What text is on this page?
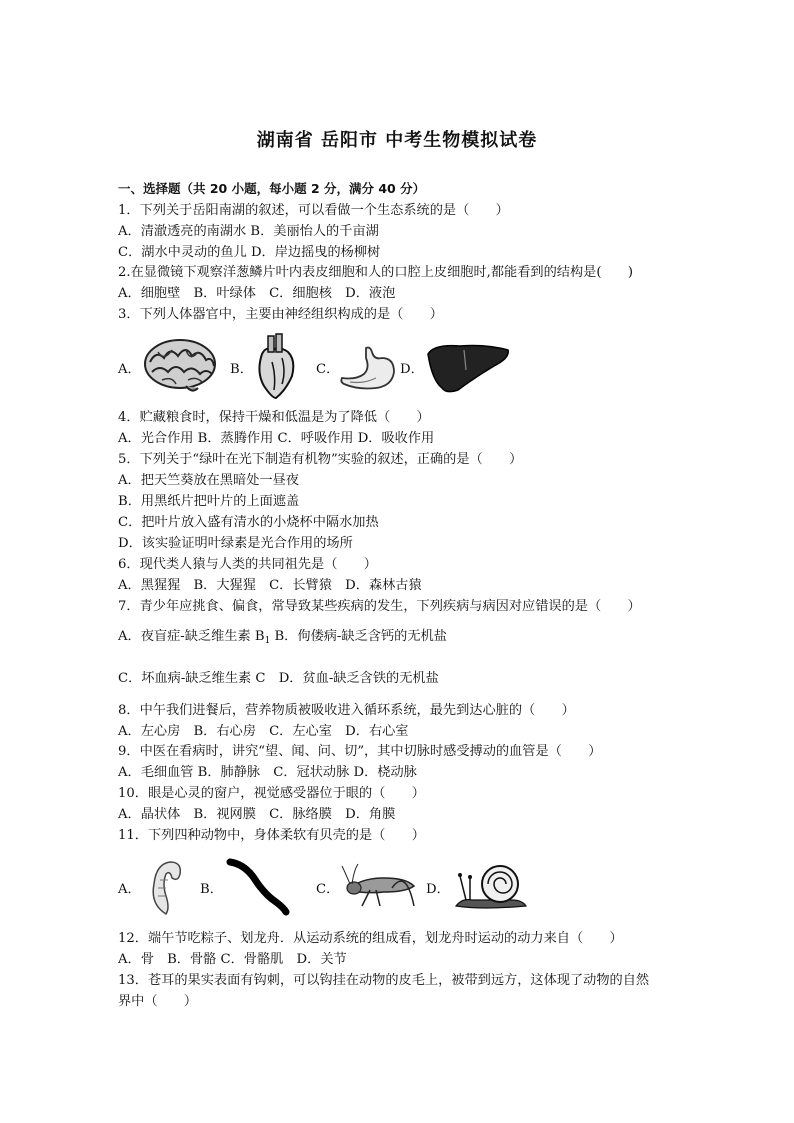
湖南省 岳阳市 中考生物模拟试卷
一、选择题（共 20 小题，每小题 2 分，满分 40 分）
1．下列关于岳阳南湖的叙述，可以看做一个生态系统的是（　　）
A．清澈透亮的南湖水 B．美丽怡人的千亩湖
C．湖水中灵动的鱼儿 D．岸边摇曳的杨柳树
2.在显微镜下观察洋葱鳞片叶内表皮细胞和人的口腔上皮细胞时,都能看到的结构是(　　)
A．细胞壁　B．叶绿体　C．细胞核　D．液泡
3．下列人体器官中，主要由神经组织构成的是（　　）
A．	B．	C．	D．
4．贮藏粮食时，保持干燥和低温是为了降低（　　）
A．光合作用 B．蒸腾作用 C．呼吸作用 D．吸收作用
5．下列关于“绿叶在光下制造有机物”实验的叙述，正确的是（　　）
A．把天竺葵放在黑暗处一昼夜
B．用黑纸片把叶片的上面遮盖
C．把叶片放入盛有清水的小烧杯中隔水加热
D．该实验证明叶绿素是光合作用的场所
6．现代类人猿与人类的共同祖先是（　　）
A．黑猩猩　B．大猩猩　C．长臂猿　D．森林古猿
7．青少年应挑食、偏食，常导致某些疾病的发生，下列疾病与病因对应错误的是（　　）
A．夜盲症-缺乏维生素 $B_1$ B．佝偻病-缺乏含钙的无机盐
C．坏血病-缺乏维生素 C　D．贫血-缺乏含铁的无机盐
8．中午我们进餐后，营养物质被吸收进入循环系统，最先到达心脏的（　　）
A．左心房　B．右心房　C．左心室　D．右心室
9．中医在看病时，讲究“望、闻、问、切”，其中切脉时感受搏动的血管是（　　）
A．毛细血管 B．肺静脉　C．冠状动脉 D．桡动脉
10．眼是心灵的窗户，视觉感受器位于眼的（　　）
A．晶状体　B．视网膜　C．脉络膜　D．角膜
11．下列四种动物中，身体柔软有贝壳的是（　　）
A．	B．	C．	D．
12．端午节吃粽子、划龙舟．从运动系统的组成看，划龙舟时运动的动力来自（　　）
A．骨　B．骨骼 C．骨骼肌　D．关节
13．苍耳的果实表面有钩刺，可以钩挂在动物的皮毛上，被带到远方，这体现了动物的自然
界中（　　）
